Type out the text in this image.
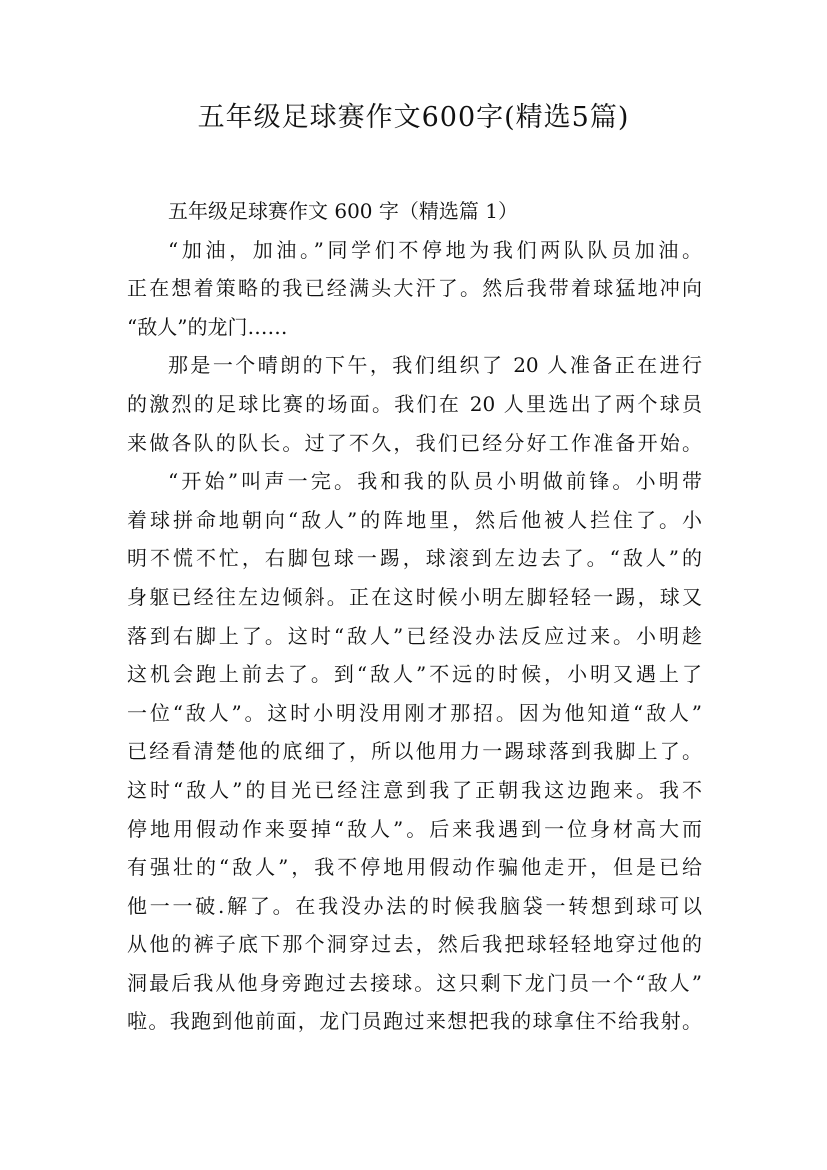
五年级足球赛作文600字(精选5篇)
五年级足球赛作文 600 字（精选篇 1）
“加油，加油。”同学们不停地为我们两队队员加油。
正在想着策略的我已经满头大汗了。然后我带着球猛地冲向
“敌人”的龙门……
那是一个晴朗的下午，我们组织了 20 人准备正在进行
的激烈的足球比赛的场面。我们在 20 人里选出了两个球员
来做各队的队长。过了不久，我们已经分好工作准备开始。
“开始”叫声一完。我和我的队员小明做前锋。小明带
着球拼命地朝向“敌人”的阵地里，然后他被人拦住了。小
明不慌不忙，右脚包球一踢，球滚到左边去了。“敌人”的
身躯已经往左边倾斜。正在这时候小明左脚轻轻一踢，球又
落到右脚上了。这时“敌人”已经没办法反应过来。小明趁
这机会跑上前去了。到“敌人”不远的时候，小明又遇上了
一位“敌人”。这时小明没用刚才那招。因为他知道“敌人”
已经看清楚他的底细了，所以他用力一踢球落到我脚上了。
这时“敌人”的目光已经注意到我了正朝我这边跑来。我不
停地用假动作来耍掉“敌人”。后来我遇到一位身材高大而
有强壮的“敌人”，我不停地用假动作骗他走开，但是已给
他一一破.解了。在我没办法的时候我脑袋一转想到球可以
从他的裤子底下那个洞穿过去，然后我把球轻轻地穿过他的
洞最后我从他身旁跑过去接球。这只剩下龙门员一个“敌人”
啦。我跑到他前面，龙门员跑过来想把我的球拿住不给我射。
